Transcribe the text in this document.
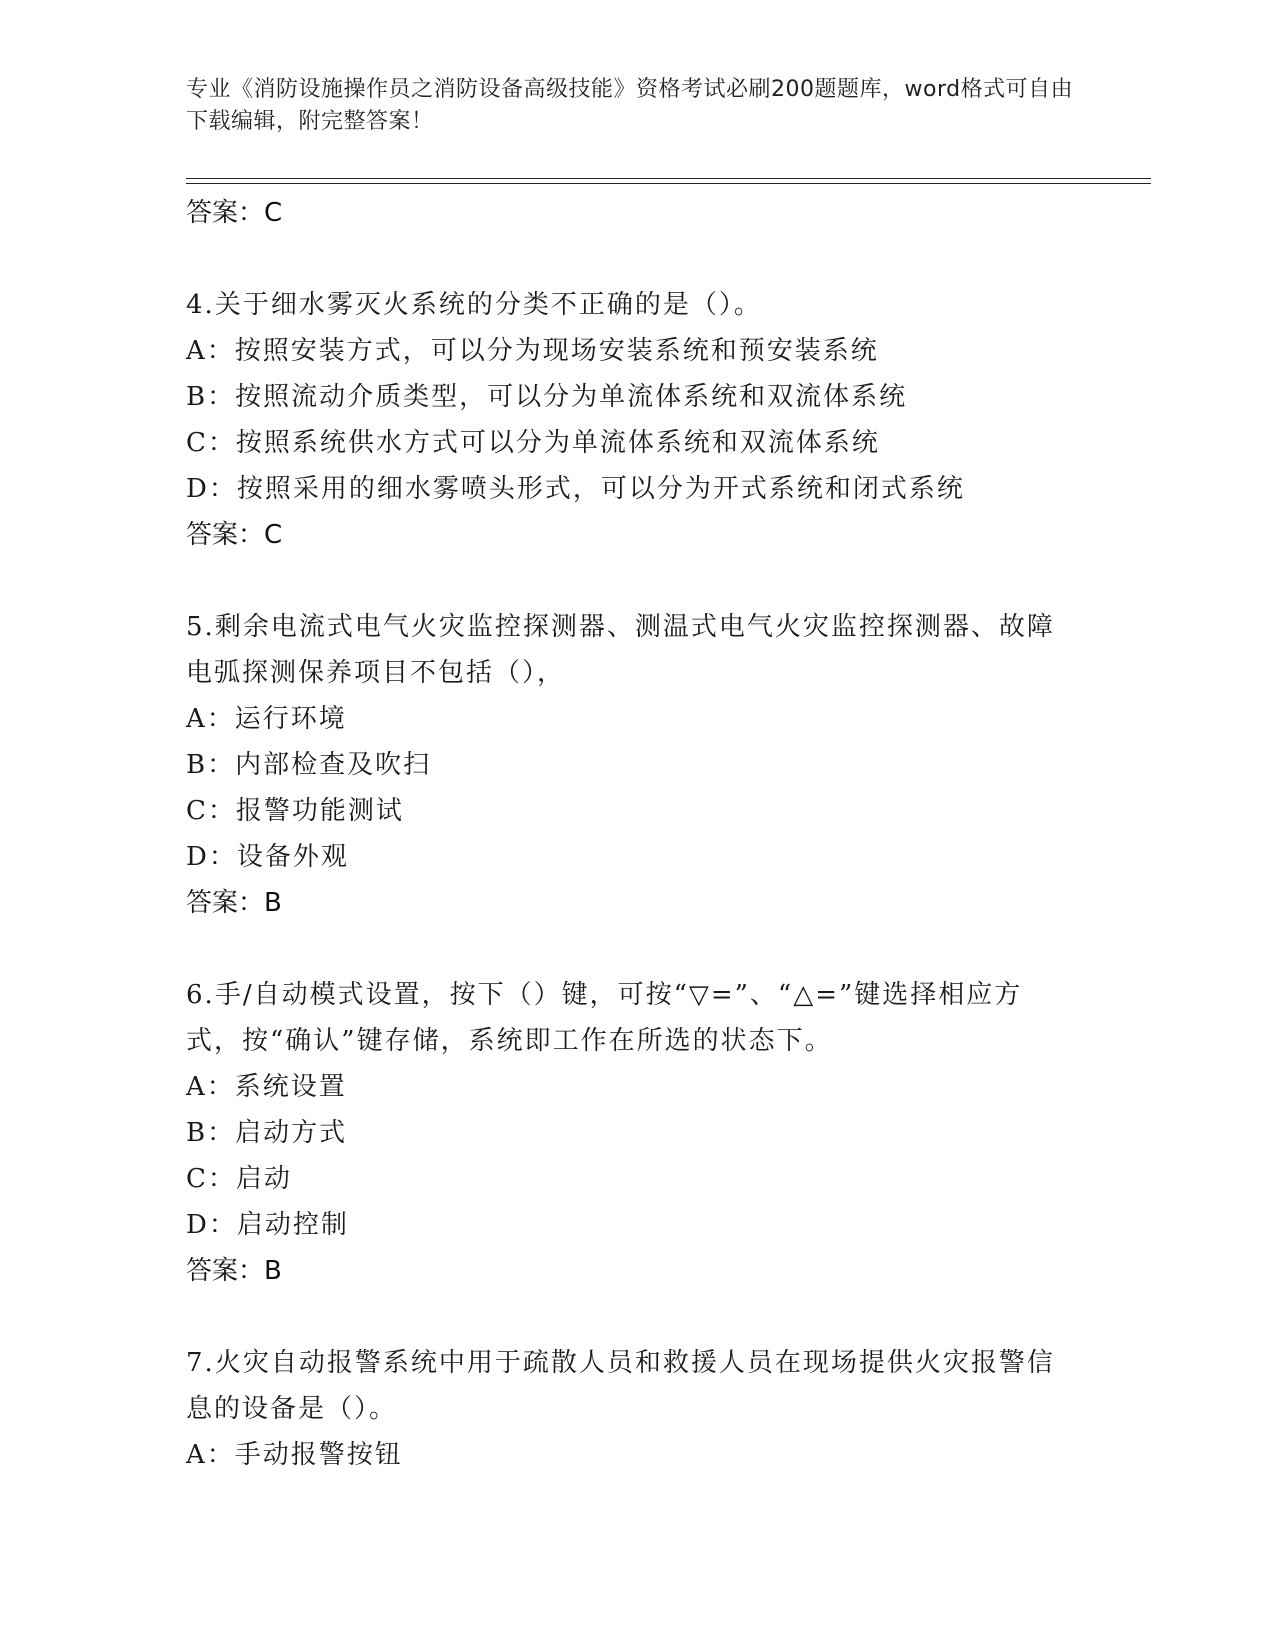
专业《消防设施操作员之消防设备高级技能》资格考试必刷200题题库，word格式可自由下载编辑，附完整答案！
答案：C
4.关于细水雾灭火系统的分类不正确的是（）。
A：按照安装方式，可以分为现场安装系统和预安装系统
B：按照流动介质类型，可以分为单流体系统和双流体系统
C：按照系统供水方式可以分为单流体系统和双流体系统
D：按照采用的细水雾喷头形式，可以分为开式系统和闭式系统
答案：C
5.剩余电流式电气火灾监控探测器、测温式电气火灾监控探测器、故障电弧探测保养项目不包括（），
A：运行环境
B：内部检查及吹扫
C：报警功能测试
D：设备外观
答案：B
6.手/自动模式设置，按下（）键，可按“▽=”、“△=”键选择相应方式，按“确认”键存储，系统即工作在所选的状态下。
A：系统设置
B：启动方式
C：启动
D：启动控制
答案：B
7.火灾自动报警系统中用于疏散人员和救援人员在现场提供火灾报警信息的设备是（）。
A：手动报警按钮
